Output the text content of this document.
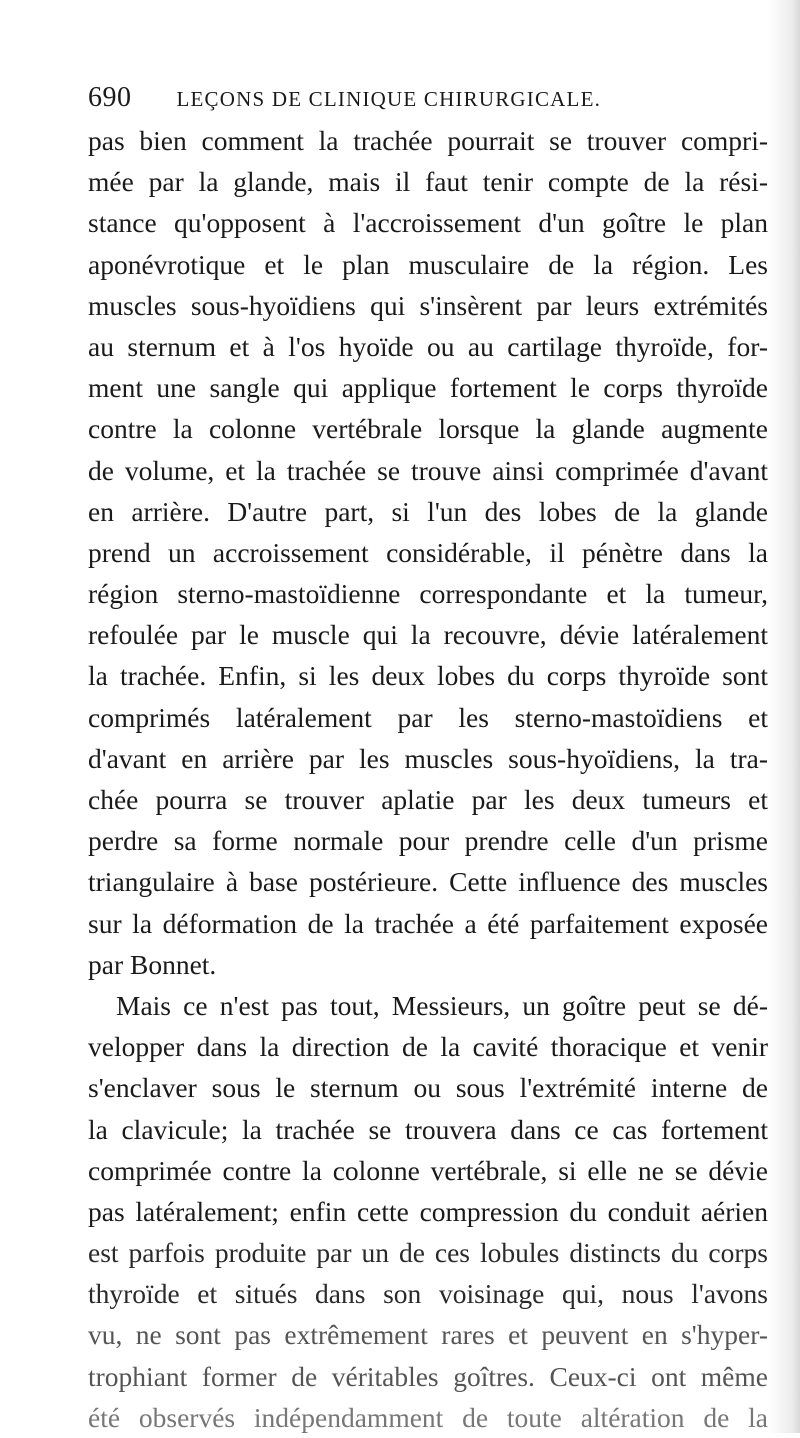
690 LEÇONS DE CLINIQUE CHIRURGICALE.
pas bien comment la trachée pourrait se trouver compri-
mée par la glande, mais il faut tenir compte de la rési-
stance qu'opposent à l'accroissement d'un goître le plan
aponévrotique et le plan musculaire de la région. Les
muscles sous-hyoïdiens qui s'insèrent par leurs extrémités
au sternum et à l'os hyoïde ou au cartilage thyroïde, for-
ment une sangle qui applique fortement le corps thyroïde
contre la colonne vertébrale lorsque la glande augmente
de volume, et la trachée se trouve ainsi comprimée d'avant
en arrière. D'autre part, si l'un des lobes de la glande
prend un accroissement considérable, il pénètre dans la
région sterno-mastoïdienne correspondante et la tumeur,
refoulée par le muscle qui la recouvre, dévie latéralement
la trachée. Enfin, si les deux lobes du corps thyroïde sont
comprimés latéralement par les sterno-mastoïdiens et
d'avant en arrière par les muscles sous-hyoïdiens, la tra-
chée pourra se trouver aplatie par les deux tumeurs et
perdre sa forme normale pour prendre celle d'un prisme
triangulaire à base postérieure. Cette influence des muscles
sur la déformation de la trachée a été parfaitement exposée
par Bonnet.
Mais ce n'est pas tout, Messieurs, un goître peut se dé-
velopper dans la direction de la cavité thoracique et venir
s'enclaver sous le sternum ou sous l'extrémité interne de
la clavicule; la trachée se trouvera dans ce cas fortement
comprimée contre la colonne vertébrale, si elle ne se dévie
pas latéralement; enfin cette compression du conduit aérien
est parfois produite par un de ces lobules distincts du corps
thyroïde et situés dans son voisinage qui, nous l'avons
vu, ne sont pas extrêmement rares et peuvent en s'hyper-
trophiant former de véritables goîtres. Ceux-ci ont même
été observés indépendamment de toute altération de la
